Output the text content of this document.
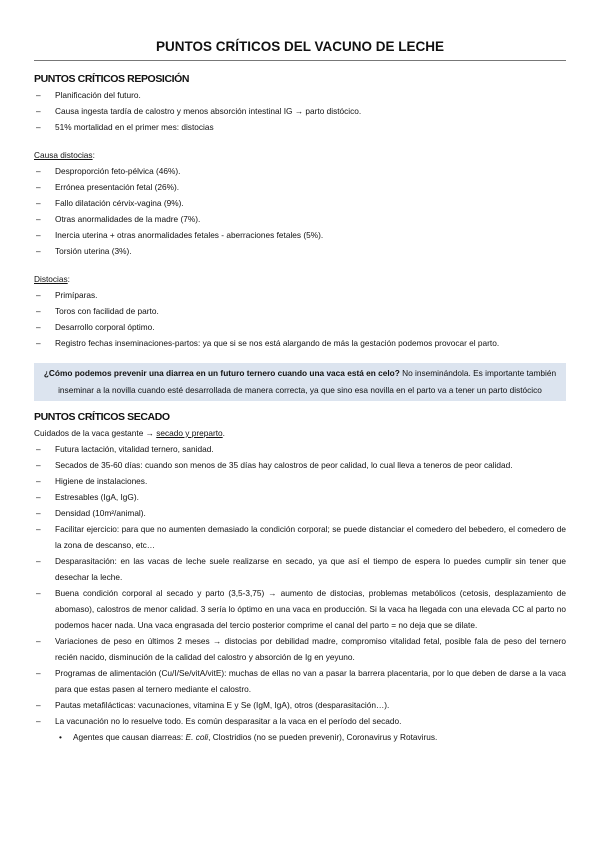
PUNTOS CRÍTICOS DEL VACUNO DE LECHE
PUNTOS CRÍTICOS REPOSICIÓN
– Planificación del futuro.
– Causa ingesta tardía de calostro y menos absorción intestinal IG → parto distócico.
– 51% mortalidad en el primer mes: distocias
Causa distocias:
– Desproporción feto-pélvica (46%).
– Errónea presentación fetal (26%).
– Fallo dilatación cérvix-vagina (9%).
– Otras anormalidades de la madre (7%).
– Inercia uterina + otras anormalidades fetales - aberraciones fetales (5%).
– Torsión uterina (3%).
Distocias:
– Primíparas.
– Toros con facilidad de parto.
– Desarrollo corporal óptimo.
– Registro fechas inseminaciones-partos: ya que si se nos está alargando de más la gestación podemos provocar el parto.
¿Cómo podemos prevenir una diarrea en un futuro ternero cuando una vaca está en celo? No inseminándola. Es importante también inseminar a la novilla cuando esté desarrollada de manera correcta, ya que sino esa novilla en el parto va a tener un parto distócico
PUNTOS CRÍTICOS SECADO
Cuidados de la vaca gestante → secado y preparto.
– Futura lactación, vitalidad ternero, sanidad.
– Secados de 35-60 días: cuando son menos de 35 días hay calostros de peor calidad, lo cual lleva a teneros de peor calidad.
– Higiene de instalaciones.
– Estresables (IgA, IgG).
– Densidad (10m²/animal).
– Facilitar ejercicio: para que no aumenten demasiado la condición corporal; se puede distanciar el comedero del bebedero, el comedero de la zona de descanso, etc…
– Desparasitación: en las vacas de leche suele realizarse en secado, ya que así el tiempo de espera lo puedes cumplir sin tener que desechar la leche.
– Buena condición corporal al secado y parto (3,5-3,75) → aumento de distocias, problemas metabólicos (cetosis, desplazamiento de abomaso), calostros de menor calidad. 3 sería lo óptimo en una vaca en producción. Si la vaca ha llegada con una elevada CC al parto no podemos hacer nada. Una vaca engrasada del tercio posterior comprime el canal del parto = no deja que se dilate.
– Variaciones de peso en últimos 2 meses → distocias por debilidad madre, compromiso vitalidad fetal, posible fala de peso del ternero recién nacido, disminución de la calidad del calostro y absorción de Ig en yeyuno.
– Programas de alimentación (Cu/I/Se/vitA/vitE): muchas de ellas no van a pasar la barrera placentaria, por lo que deben de darse a la vaca para que estas pasen al ternero mediante el calostro.
– Pautas metafilácticas: vacunaciones, vitamina E y Se (IgM, IgA), otros (desparasitación…).
– La vacunación no lo resuelve todo. Es común desparasitar a la vaca en el período del secado.
• Agentes que causan diarreas: E. coli, Clostridios (no se pueden prevenir), Coronavirus y Rotavirus.
